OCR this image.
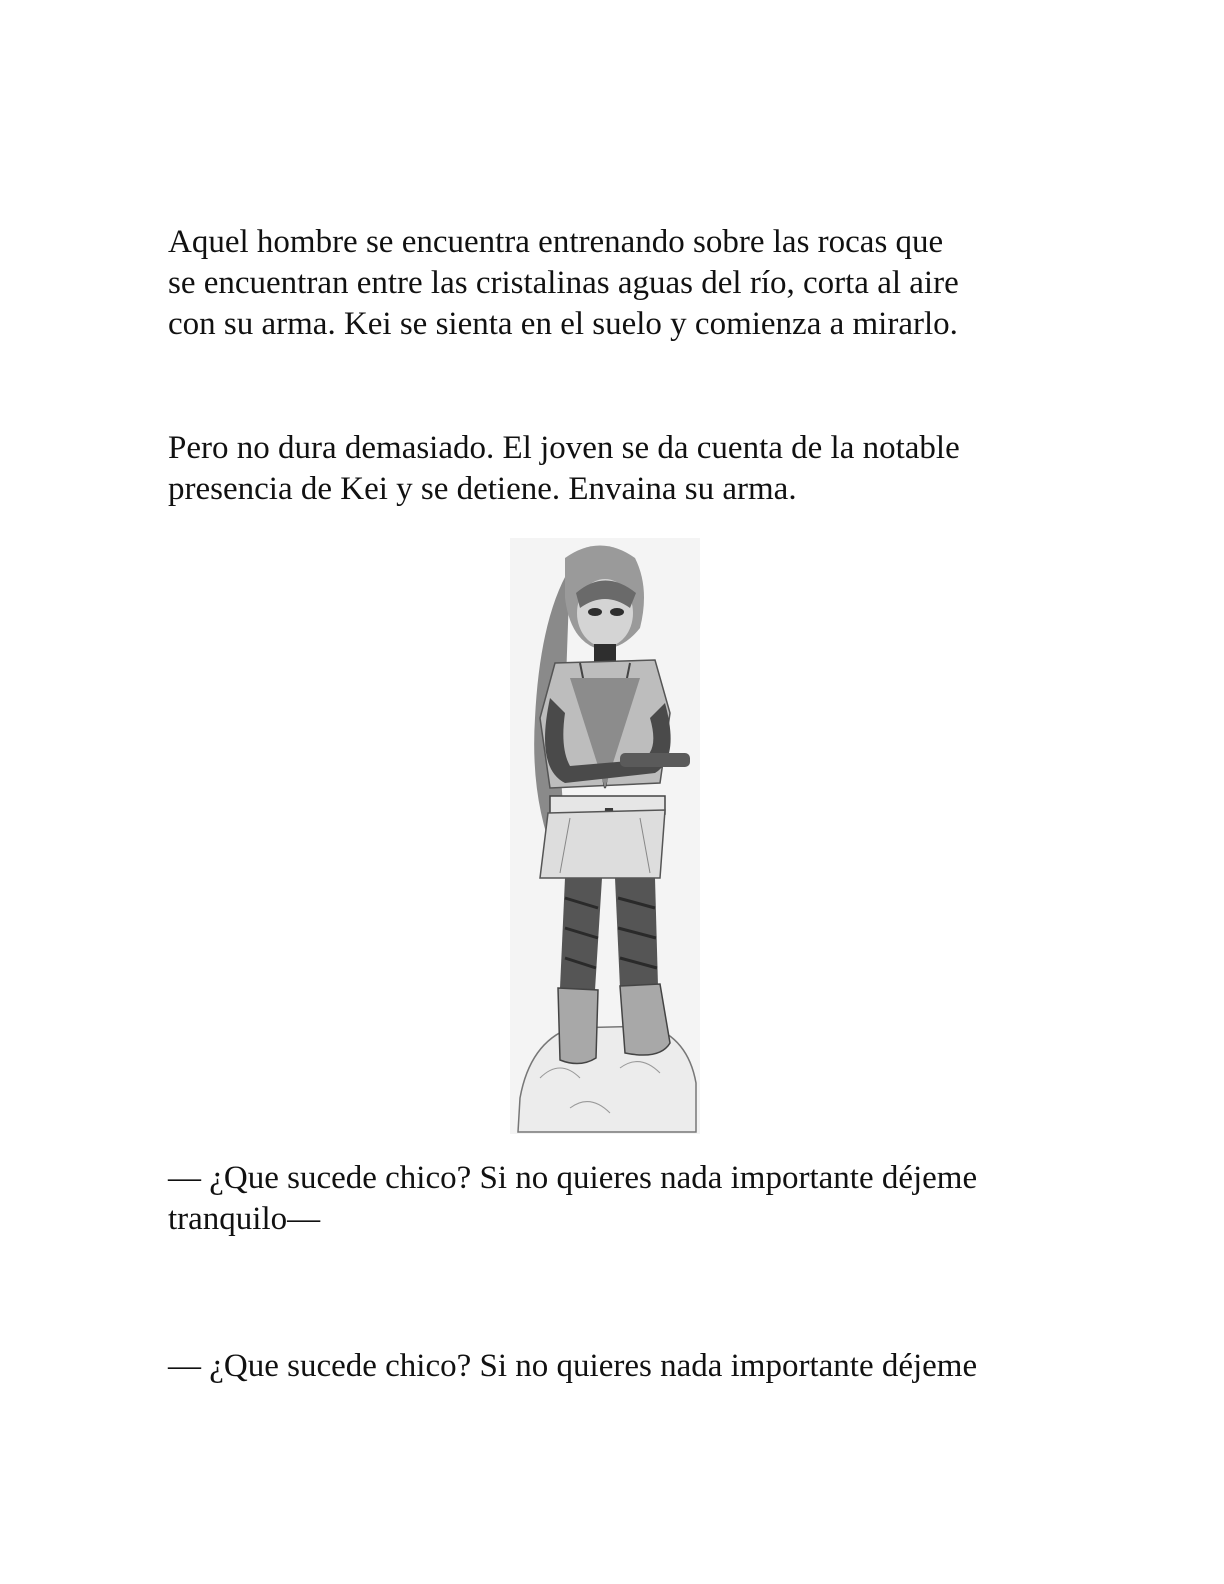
Aquel hombre se encuentra entrenando sobre las rocas que
se encuentran entre las cristalinas aguas del río, corta al aire
con su arma. Kei se sienta en el suelo y comienza a mirarlo.

Pero no dura demasiado. El joven se da cuenta de la notable
presencia de Kei y se detiene. Envaina su arma.

— ¿Que sucede chico? Si no quieres nada importante déjeme
tranquilo—

— ¿Que sucede chico? Si no quieres nada importante déjeme
